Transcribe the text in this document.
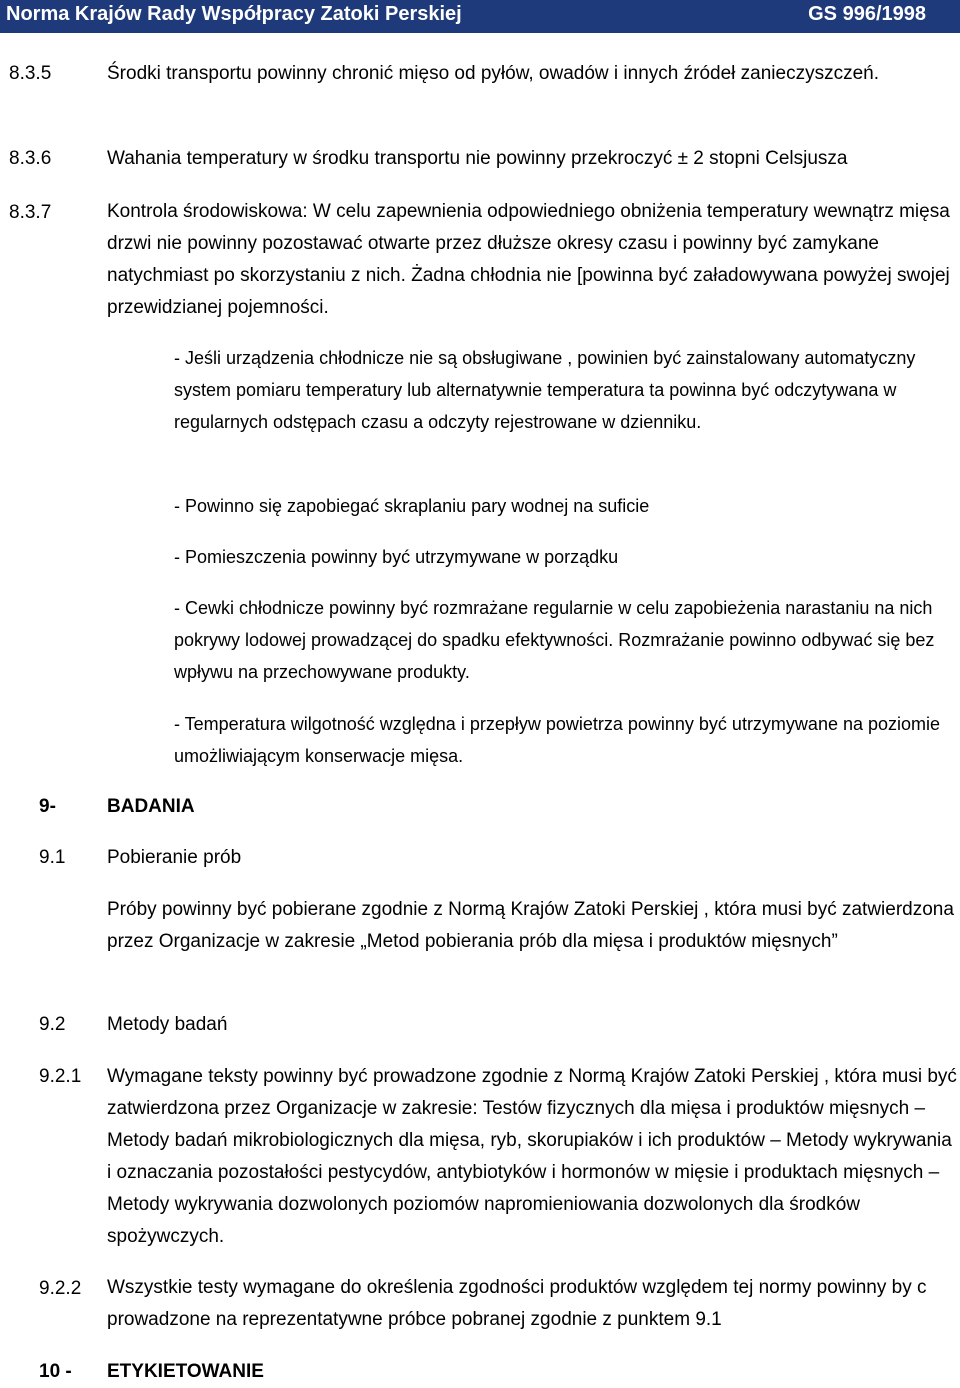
Norma Krajów Rady Współpracy Zatoki Perskiej	GS 996/1998
8.3.5	Środki transportu powinny chronić mięso od pyłów, owadów i innych źródeł zanieczyszczeń.

8.3.6	Wahania temperatury w środku transportu nie powinny przekroczyć ± 2 stopni Celsjusza

8.3.7	Kontrola środowiskowa: W celu zapewnienia odpowiedniego obniżenia temperatury wewnątrz mięsa drzwi nie powinny pozostawać otwarte przez dłuższe okresy czasu i powinny być zamykane natychmiast po skorzystaniu z nich. Żadna chłodnia nie [powinna być załadowywana powyżej swojej przewidzianej pojemności.

- Jeśli urządzenia chłodnicze nie są obsługiwane , powinien być zainstalowany automatyczny system pomiaru temperatury lub alternatywnie temperatura ta powinna być odczytywana w regularnych odstępach czasu a odczyty rejestrowane w dzienniku.

- Powinno się zapobiegać skraplaniu pary wodnej na suficie

- Pomieszczenia powinny być utrzymywane w porządku

- Cewki chłodnicze powinny być rozmrażane regularnie w celu zapobieżenia narastaniu na nich pokrywy lodowej prowadzącej do spadku efektywności. Rozmrażanie powinno odbywać się bez wpływu na przechowywane produkty.

- Temperatura wilgotność względna i przepływ powietrza powinny być utrzymywane na poziomie umożliwiającym konserwacje mięsa.

9-	BADANIA
9.1 Pobieranie prób

Próby powinny być pobierane zgodnie z Normą Krajów Zatoki Perskiej , która musi być zatwierdzona przez Organizacje w zakresie „Metod pobierania prób dla mięsa i produktów mięsnych”

9.2 Metody badań
9.2.1 Wymagane teksty powinny być prowadzone zgodnie z Normą Krajów Zatoki Perskiej , która musi być zatwierdzona przez Organizacje w zakresie: Testów fizycznych dla mięsa i produktów mięsnych – Metody badań mikrobiologicznych dla mięsa, ryb, skorupiaków i ich produktów – Metody wykrywania i oznaczania pozostałości pestycydów, antybiotyków i hormonów w mięsie i produktach mięsnych – Metody wykrywania dozwolonych poziomów napromieniowania dozwolonych dla środków spożywczych.

9.2.2 Wszystkie testy wymagane do określenia zgodności produktów względem tej normy powinny by c prowadzone na reprezentatywne próbce pobranej zgodnie z punktem 9.1

10 - ETYKIETOWANIE
